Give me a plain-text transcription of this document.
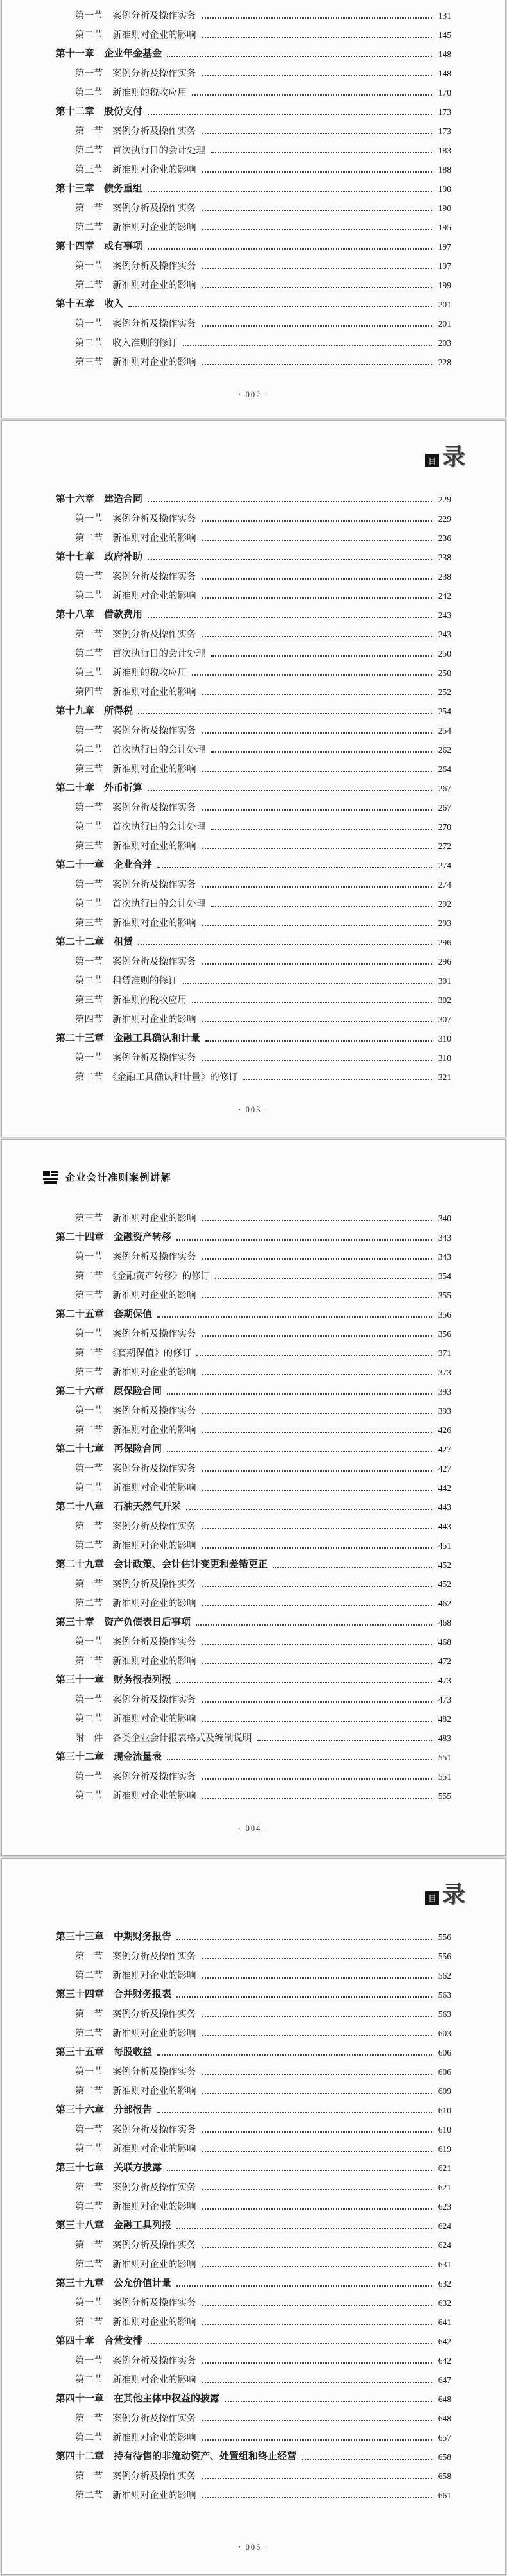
第一节　案例分析及操作实务	131
第二节　新准则对企业的影响	145
第十一章　企业年金基金	148
第一节　案例分析及操作实务	148
第二节　新准则的税收应用	170
第十二章　股份支付	173
第一节　案例分析及操作实务	173
第二节　首次执行日的会计处理	183
第三节　新准则对企业的影响	188
第十三章　债务重组	190
第一节　案例分析及操作实务	190
第二节　新准则对企业的影响	195
第十四章　或有事项	197
第一节　案例分析及操作实务	197
第二节　新准则对企业的影响	199
第十五章　收入	201
第一节　案例分析及操作实务	201
第二节　收入准则的修订	203
第三节　新准则对企业的影响	228
· 002 ·
目 录
第十六章　建造合同	229
第一节　案例分析及操作实务	229
第二节　新准则对企业的影响	236
第十七章　政府补助	238
第一节　案例分析及操作实务	238
第二节　新准则对企业的影响	242
第十八章　借款费用	243
第一节　案例分析及操作实务	243
第二节　首次执行日的会计处理	250
第三节　新准则的税收应用	250
第四节　新准则对企业的影响	252
第十九章　所得税	254
第一节　案例分析及操作实务	254
第二节　首次执行日的会计处理	262
第三节　新准则对企业的影响	264
第二十章　外币折算	267
第一节　案例分析及操作实务	267
第二节　首次执行日的会计处理	270
第三节　新准则对企业的影响	272
第二十一章　企业合并	274
第一节　案例分析及操作实务	274
第二节　首次执行日的会计处理	292
第三节　新准则对企业的影响	293
第二十二章　租赁	296
第一节　案例分析及操作实务	296
第二节　租赁准则的修订	301
第三节　新准则的税收应用	302
第四节　新准则对企业的影响	307
第二十三章　金融工具确认和计量	310
第一节　案例分析及操作实务	310
第二节　《金融工具确认和计量》的修订	321
· 003 ·
企业会计准则案例讲解
第三节　新准则对企业的影响	340
第二十四章　金融资产转移	343
第一节　案例分析及操作实务	343
第二节　《金融资产转移》的修订	354
第三节　新准则对企业的影响	355
第二十五章　套期保值	356
第一节　案例分析及操作实务	356
第二节　《套期保值》的修订	371
第三节　新准则对企业的影响	373
第二十六章　原保险合同	393
第一节　案例分析及操作实务	393
第二节　新准则对企业的影响	426
第二十七章　再保险合同	427
第一节　案例分析及操作实务	427
第二节　新准则对企业的影响	442
第二十八章　石油天然气开采	443
第一节　案例分析及操作实务	443
第二节　新准则对企业的影响	451
第二十九章　会计政策、会计估计变更和差错更正	452
第一节　案例分析及操作实务	452
第二节　新准则对企业的影响	462
第三十章　资产负债表日后事项	468
第一节　案例分析及操作实务	468
第二节　新准则对企业的影响	472
第三十一章　财务报表列报	473
第一节　案例分析及操作实务	473
第二节　新准则对企业的影响	482
附　件　各类企业会计报表格式及编制说明	483
第三十二章　现金流量表	551
第一节　案例分析及操作实务	551
第二节　新准则对企业的影响	555
· 004 ·
目 录
第三十三章　中期财务报告	556
第一节　案例分析及操作实务	556
第二节　新准则对企业的影响	562
第三十四章　合并财务报表	563
第一节　案例分析及操作实务	563
第二节　新准则对企业的影响	603
第三十五章　每股收益	606
第一节　案例分析及操作实务	606
第二节　新准则对企业的影响	609
第三十六章　分部报告	610
第一节　案例分析及操作实务	610
第二节　新准则对企业的影响	619
第三十七章　关联方披露	621
第一节　案例分析及操作实务	621
第二节　新准则对企业的影响	623
第三十八章　金融工具列报	624
第一节　案例分析及操作实务	624
第二节　新准则对企业的影响	631
第三十九章　公允价值计量	632
第一节　案例分析及操作实务	632
第二节　新准则对企业的影响	641
第四十章　合营安排	642
第一节　案例分析及操作实务	642
第二节　新准则对企业的影响	647
第四十一章　在其他主体中权益的披露	648
第一节　案例分析及操作实务	648
第二节　新准则对企业的影响	657
第四十二章　持有待售的非流动资产、处置组和终止经营	658
第一节　案例分析及操作实务	658
第二节　新准则对企业的影响	661
· 005 ·
